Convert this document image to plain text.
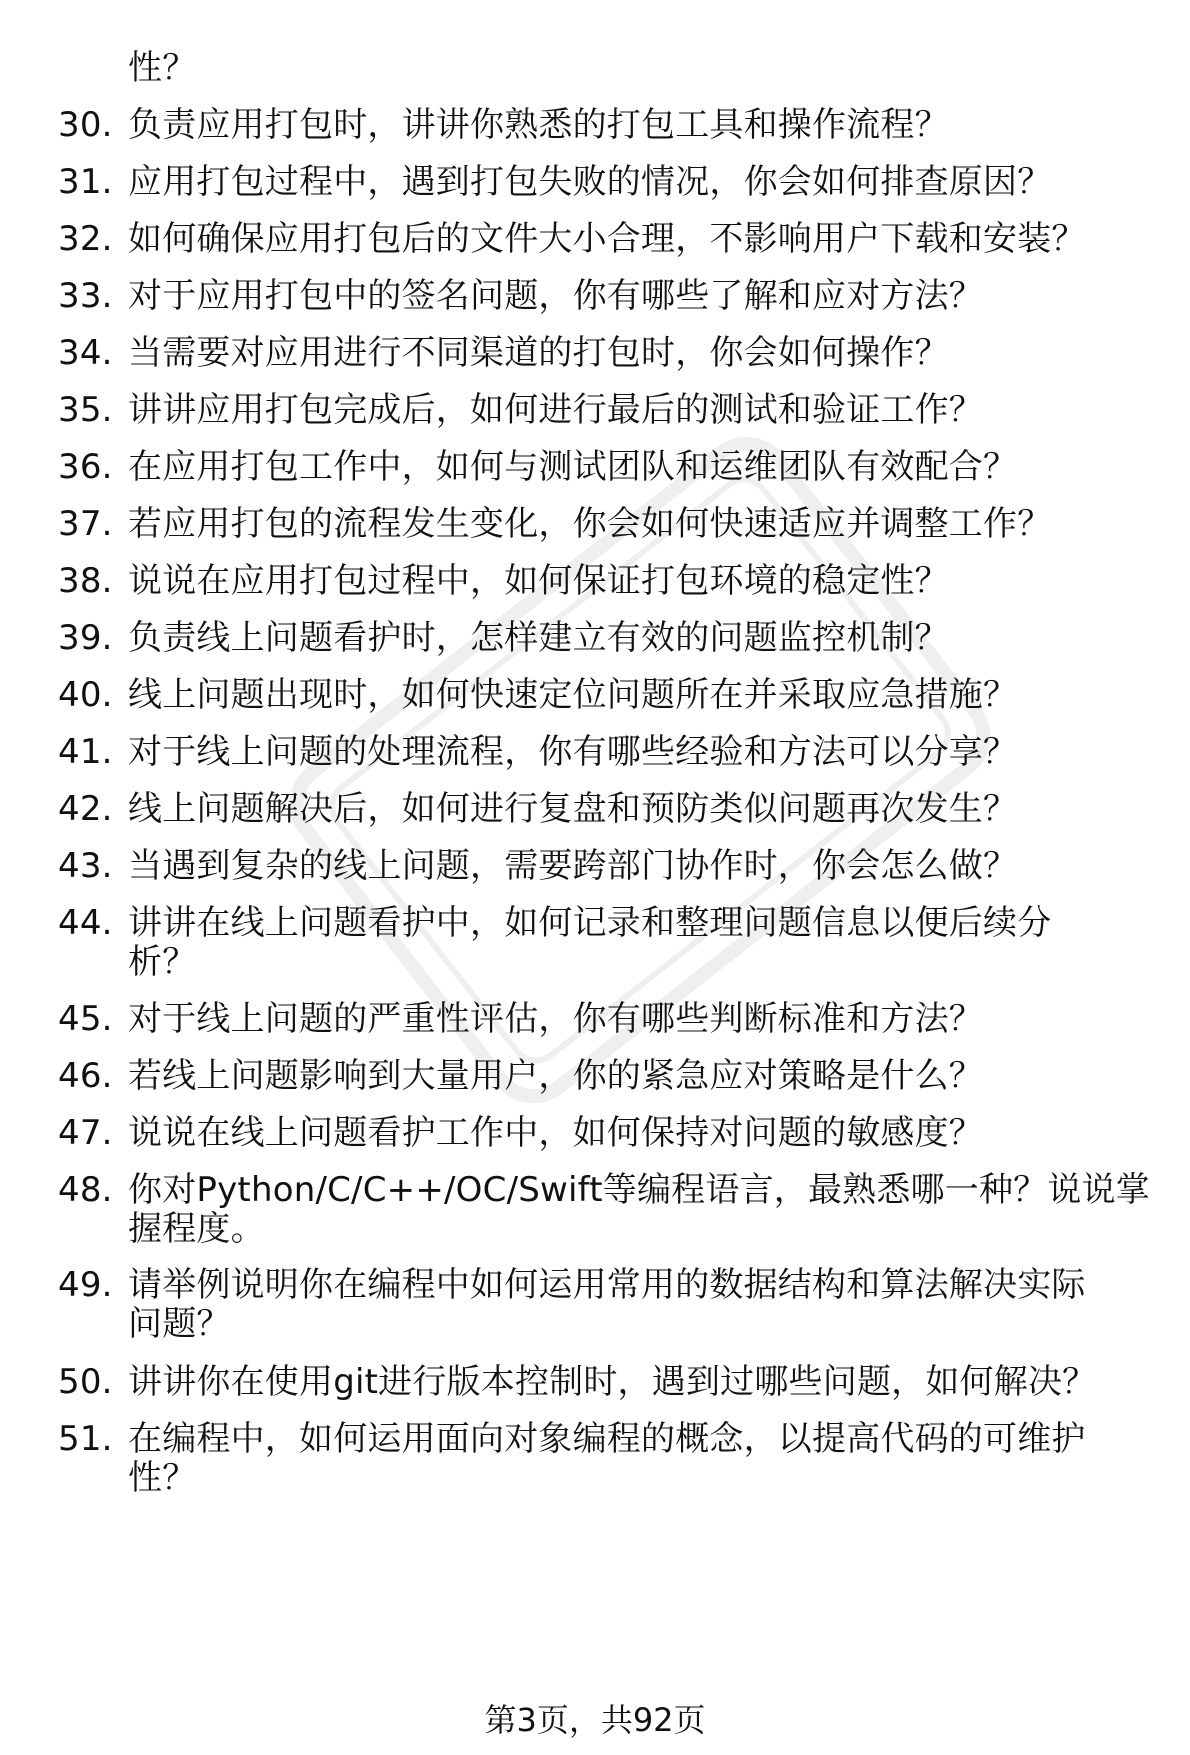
性？
30. 负责应用打包时，讲讲你熟悉的打包工具和操作流程？
31. 应用打包过程中，遇到打包失败的情况，你会如何排查原因？
32. 如何确保应用打包后的文件大小合理，不影响用户下载和安装？
33. 对于应用打包中的签名问题，你有哪些了解和应对方法？
34. 当需要对应用进行不同渠道的打包时，你会如何操作？
35. 讲讲应用打包完成后，如何进行最后的测试和验证工作？
36. 在应用打包工作中，如何与测试团队和运维团队有效配合？
37. 若应用打包的流程发生变化，你会如何快速适应并调整工作？
38. 说说在应用打包过程中，如何保证打包环境的稳定性？
39. 负责线上问题看护时，怎样建立有效的问题监控机制？
40. 线上问题出现时，如何快速定位问题所在并采取应急措施？
41. 对于线上问题的处理流程，你有哪些经验和方法可以分享？
42. 线上问题解决后，如何进行复盘和预防类似问题再次发生？
43. 当遇到复杂的线上问题，需要跨部门协作时，你会怎么做？
44. 讲讲在线上问题看护中，如何记录和整理问题信息以便后续分
析？
45. 对于线上问题的严重性评估，你有哪些判断标准和方法？
46. 若线上问题影响到大量用户，你的紧急应对策略是什么？
47. 说说在线上问题看护工作中，如何保持对问题的敏感度？
48. 你对Python/C/C++/OC/Swift等编程语言，最熟悉哪一种？说说掌
握程度。
49. 请举例说明你在编程中如何运用常用的数据结构和算法解决实际
问题？
50. 讲讲你在使用git进行版本控制时，遇到过哪些问题，如何解决？
51. 在编程中，如何运用面向对象编程的概念，以提高代码的可维护
性？
第3页，共92页
